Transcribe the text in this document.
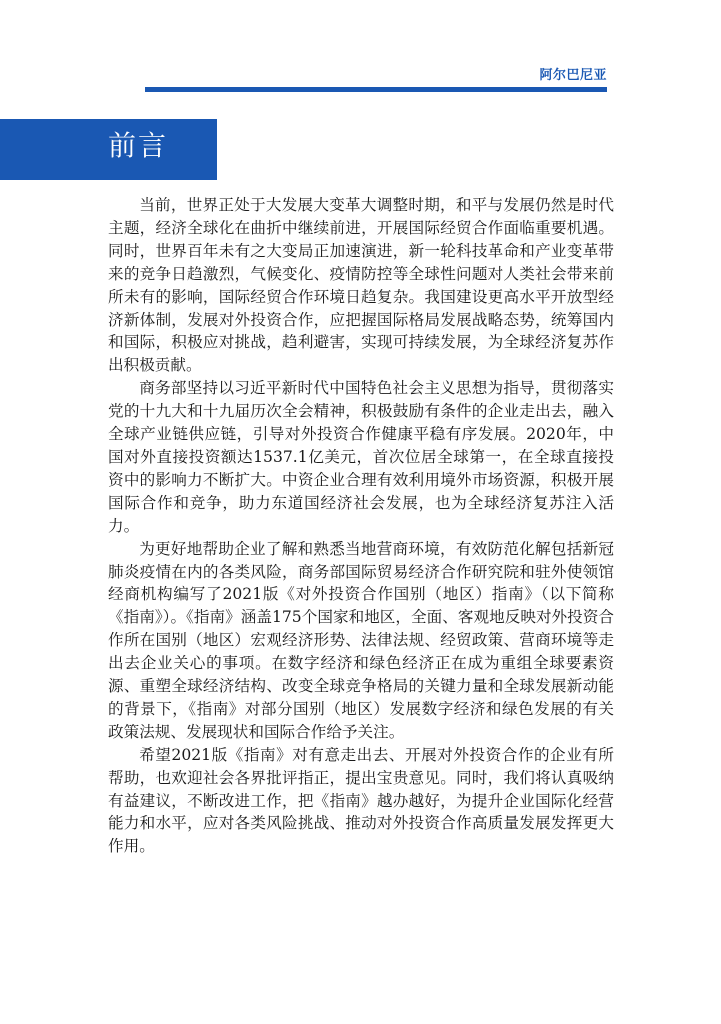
阿尔巴尼亚
前言

当前，世界正处于大发展大变革大调整时期，和平与发展仍然是时代主题，经济全球化在曲折中继续前进，开展国际经贸合作面临重要机遇。同时，世界百年未有之大变局正加速演进，新一轮科技革命和产业变革带来的竞争日趋激烈，气候变化、疫情防控等全球性问题对人类社会带来前所未有的影响，国际经贸合作环境日趋复杂。我国建设更高水平开放型经济新体制，发展对外投资合作，应把握国际格局发展战略态势，统筹国内和国际，积极应对挑战，趋利避害，实现可持续发展，为全球经济复苏作出积极贡献。

商务部坚持以习近平新时代中国特色社会主义思想为指导，贯彻落实党的十九大和十九届历次全会精神，积极鼓励有条件的企业走出去，融入全球产业链供应链，引导对外投资合作健康平稳有序发展。2020年，中国对外直接投资额达1537.1亿美元，首次位居全球第一，在全球直接投资中的影响力不断扩大。中资企业合理有效利用境外市场资源，积极开展国际合作和竞争，助力东道国经济社会发展，也为全球经济复苏注入活力。

为更好地帮助企业了解和熟悉当地营商环境，有效防范化解包括新冠肺炎疫情在内的各类风险，商务部国际贸易经济合作研究院和驻外使领馆经商机构编写了2021版《对外投资合作国别（地区）指南》（以下简称《指南》）。《指南》涵盖175个国家和地区，全面、客观地反映对外投资合作所在国别（地区）宏观经济形势、法律法规、经贸政策、营商环境等走出去企业关心的事项。在数字经济和绿色经济正在成为重组全球要素资源、重塑全球经济结构、改变全球竞争格局的关键力量和全球发展新动能的背景下，《指南》对部分国别（地区）发展数字经济和绿色发展的有关政策法规、发展现状和国际合作给予关注。

希望2021版《指南》对有意走出去、开展对外投资合作的企业有所帮助，也欢迎社会各界批评指正，提出宝贵意见。同时，我们将认真吸纳有益建议，不断改进工作，把《指南》越办越好，为提升企业国际化经营能力和水平，应对各类风险挑战、推动对外投资合作高质量发展发挥更大作用。
